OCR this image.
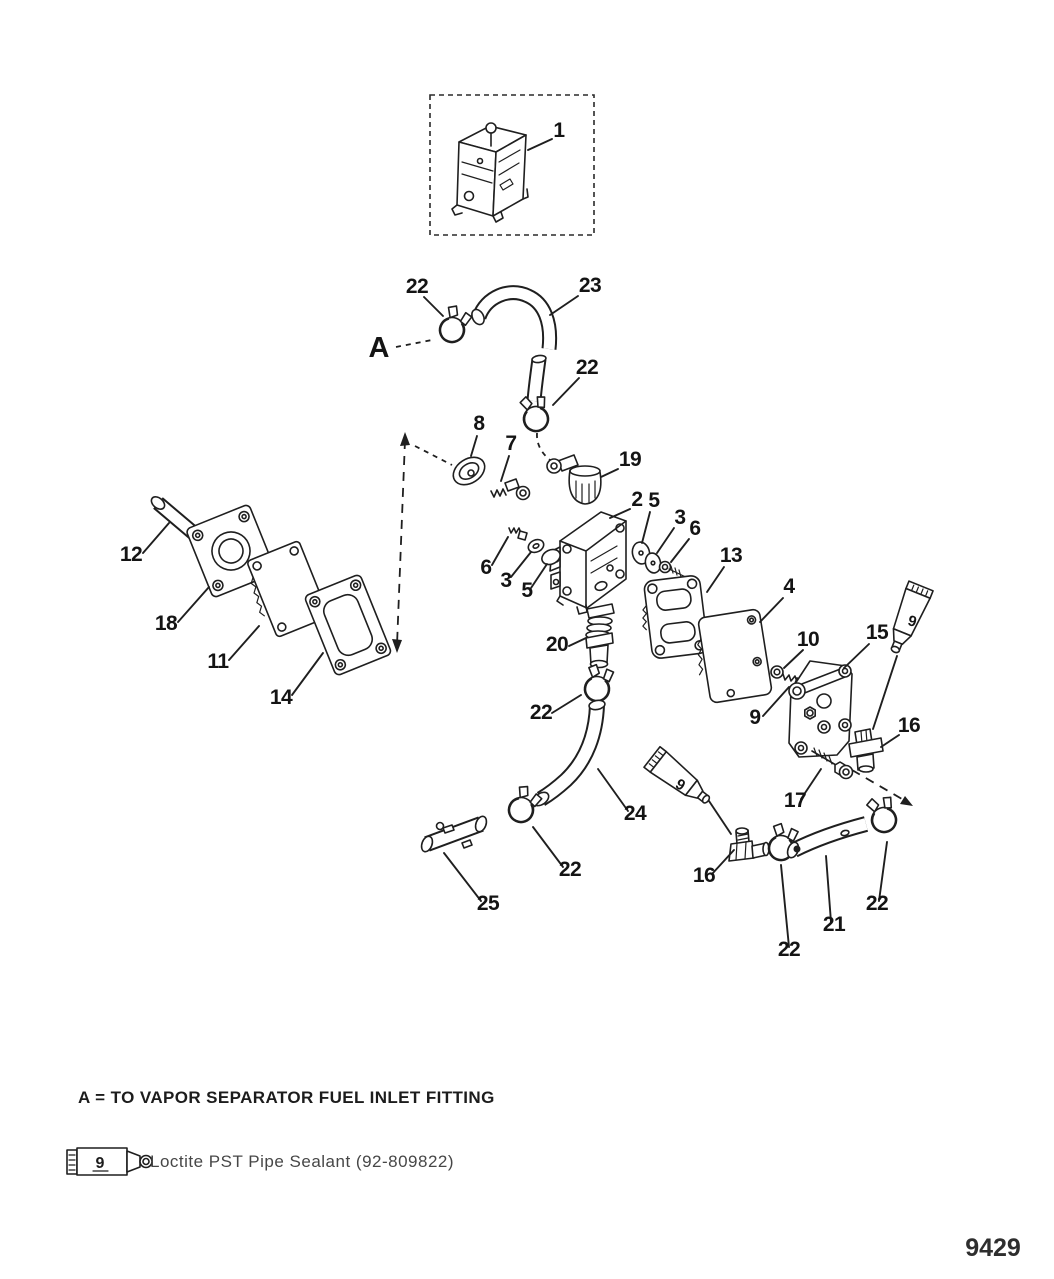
1
A
22	23
22
19
8
7
2
6
3 5
5
3 6
13
4
12
18
11
14
20
22
24
22
25
9
16
22
21
22
10
9
15 9
16
17
A = TO VAPOR SEPARATOR FUEL INLET FITTING
9	Loctite PST Pipe Sealant (92-809822)
9429
